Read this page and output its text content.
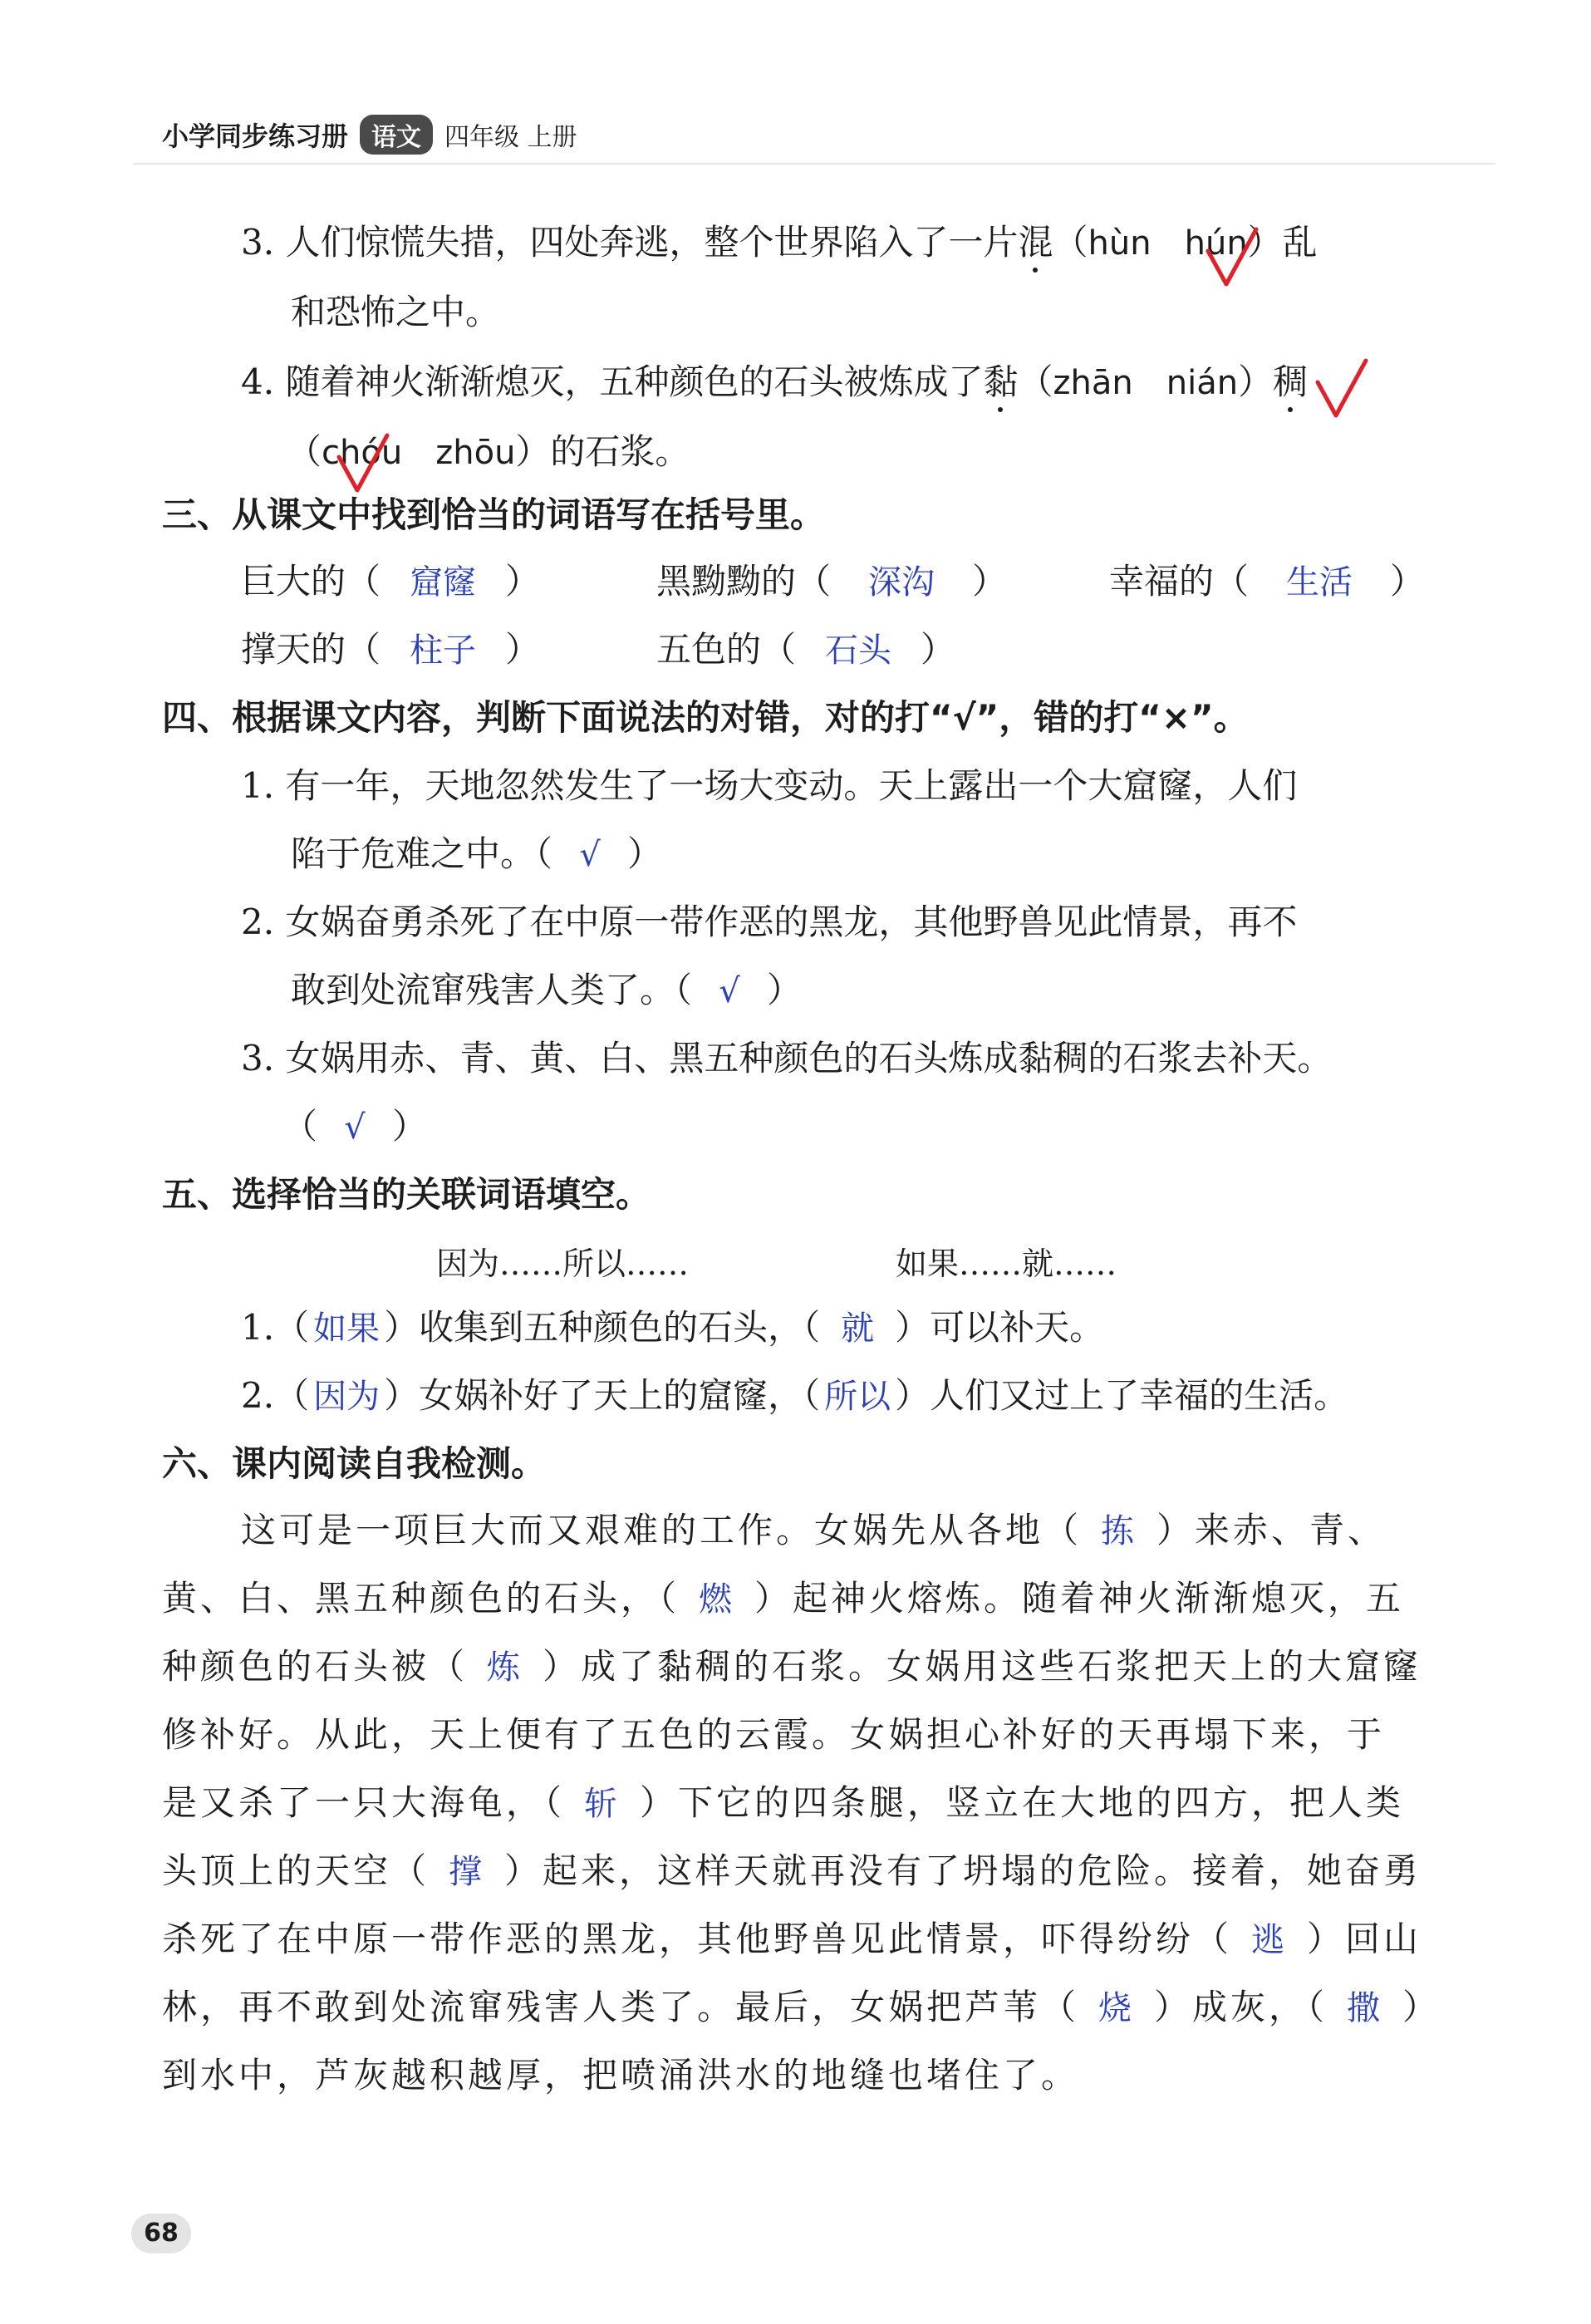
小学同步练习册 语文 四年级 上册
3. 人们惊慌失措，四处奔逃，整个世界陷入了一片混（hùn hún）乱
和恐怖之中。
4. 随着神火渐渐熄灭，五种颜色的石头被炼成了黏（zhān nián）稠
（chóu zhōu）的石浆。
三、从课文中找到恰当的词语写在括号里。
巨大的（ 窟窿 ）	黑黝黝的（ 深沟 ）	幸福的（ 生活 ）
撑天的（ 柱子 ）	五色的（ 石头 ）
四、根据课文内容，判断下面说法的对错，对的打“√”，错的打“×”。
1. 有一年，天地忽然发生了一场大变动。天上露出一个大窟窿，人们
陷于危难之中。（ √ ）
2. 女娲奋勇杀死了在中原一带作恶的黑龙，其他野兽见此情景，再不
敢到处流窜残害人类了。（ √ ）
3. 女娲用赤、青、黄、白、黑五种颜色的石头炼成黏稠的石浆去补天。
（ √ ）
五、选择恰当的关联词语填空。
因为……所以……	如果……就……
1.（ 如果 ）收集到五种颜色的石头，（ 就 ）可以补天。
2.（ 因为 ）女娲补好了天上的窟窿，（ 所以 ）人们又过上了幸福的生活。
六、课内阅读自我检测。
这可是一项巨大而又艰难的工作。女娲先从各地（ 拣 ）来赤、青、
黄、白、黑五种颜色的石头，（ 燃 ）起神火熔炼。随着神火渐渐熄灭，五
种颜色的石头被（ 炼 ）成了黏稠的石浆。女娲用这些石浆把天上的大窟窿
修补好。从此，天上便有了五色的云霞。女娲担心补好的天再塌下来，于
是又杀了一只大海龟，（ 斩 ）下它的四条腿，竖立在大地的四方，把人类
头顶上的天空（ 撑 ）起来，这样天就再没有了坍塌的危险。接着，她奋勇
杀死了在中原一带作恶的黑龙，其他野兽见此情景，吓得纷纷（ 逃 ）回山
林，再不敢到处流窜残害人类了。最后，女娲把芦苇（ 烧 ）成灰，（ 撒 ）
到水中，芦灰越积越厚，把喷涌洪水的地缝也堵住了。
68
